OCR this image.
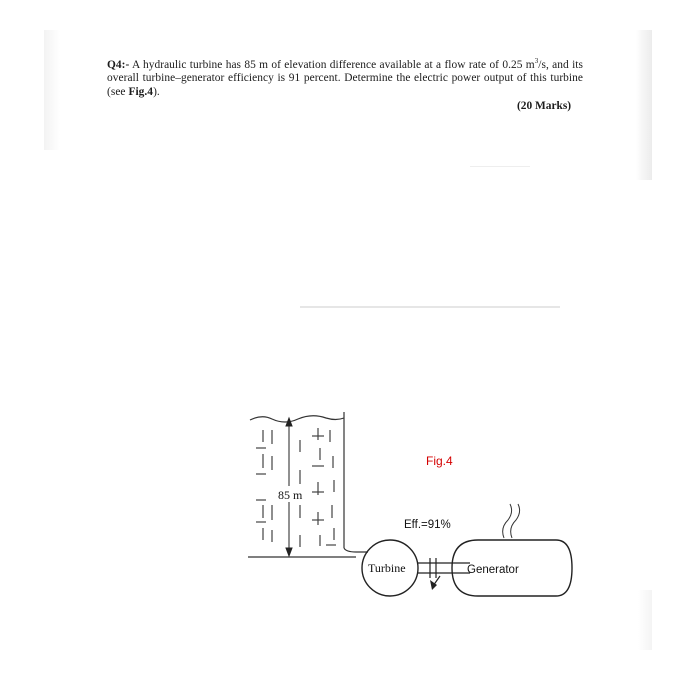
Q4:- A hydraulic turbine has 85 m of elevation difference available at a flow rate of 0.25 $m^3/s$, and its overall turbine–generator efficiency is 91 percent. Determine the electric power output of this turbine (see Fig.4).
(20 Marks)
85 m
Fig.4
Eff.=91%
Turbine	Generator
